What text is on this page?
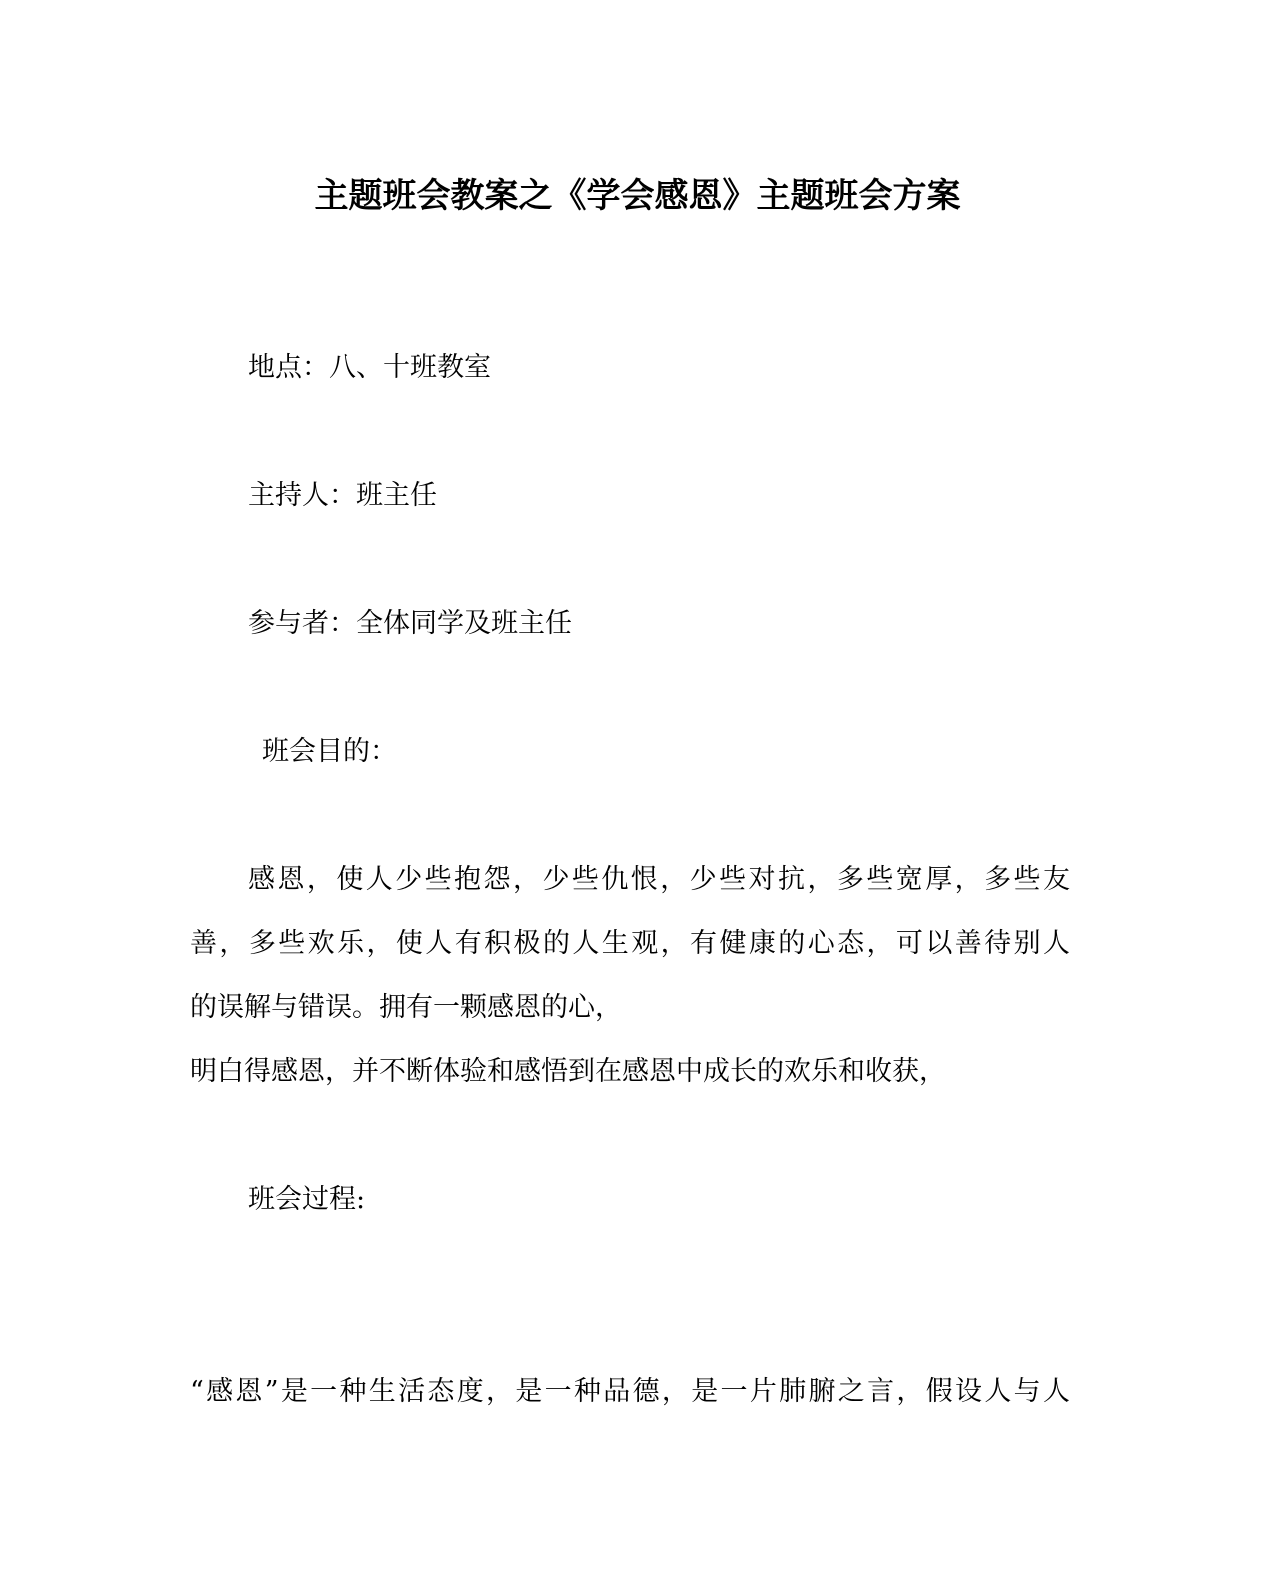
主题班会教案之《学会感恩》主题班会方案
地点：八、十班教室
主持人：班主任
参与者：全体同学及班主任
班会目的：
感恩，使人少些抱怨，少些仇恨，少些对抗，多些宽厚，多些友
善，多些欢乐，使人有积极的人生观，有健康的心态，可以善待别人
的误解与错误。拥有一颗感恩的心，
明白得感恩，并不断体验和感悟到在感恩中成长的欢乐和收获，
班会过程:
“感恩”是一种生活态度，是一种品德，是一片肺腑之言，假设人与人
